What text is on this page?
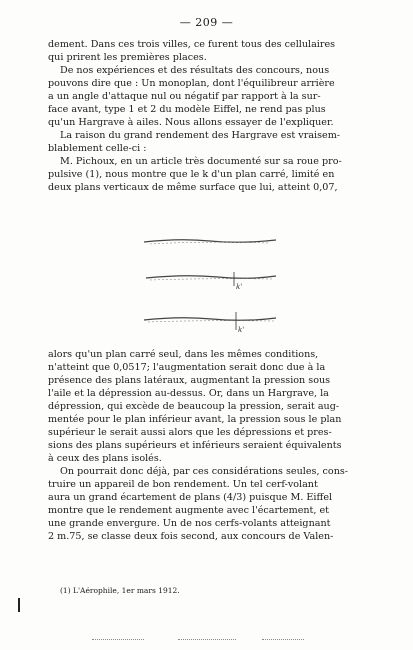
— 209 —
dement. Dans ces trois villes, ce furent tous des cellulaires
qui prirent les premières places.
De nos expériences et des résultats des concours, nous
pouvons dire que : Un monoplan, dont l'équilibreur arrière
a un angle d'attaque nul ou négatif par rapport à la sur-
face avant, type 1 et 2 du modèle Eiffel, ne rend pas plus
qu'un Hargrave à ailes. Nous allons essayer de l'expliquer.
La raison du grand rendement des Hargrave est vraisem-
blablement celle-ci :
M. Pichoux, en un article très documenté sur sa roue pro-
pulsive (1), nous montre que le k d'un plan carré, limité en
deux plans verticaux de même surface que lui, atteint 0,07,
k'
k'
alors qu'un plan carré seul, dans les mêmes conditions,
n'atteint que 0,0517; l'augmentation serait donc due à la
présence des plans latéraux, augmentant la pression sous
l'aile et la dépression au-dessus. Or, dans un Hargrave, la
dépression, qui excède de beaucoup la pression, serait aug-
mentée pour le plan inférieur avant, la pression sous le plan
supérieur le serait aussi alors que les dépressions et pres-
sions des plans supérieurs et inférieurs seraient équivalents
à ceux des plans isolés.
On pourrait donc déjà, par ces considérations seules, cons-
truire un appareil de bon rendement. Un tel cerf-volant
aura un grand écartement de plans (4/3) puisque M. Eiffel
montre que le rendement augmente avec l'écartement, et
une grande envergure. Un de nos cerfs-volants atteignant
2 m.75, se classe deux fois second, aux concours de Valen-
(1) L'Aérophile, 1er mars 1912.
